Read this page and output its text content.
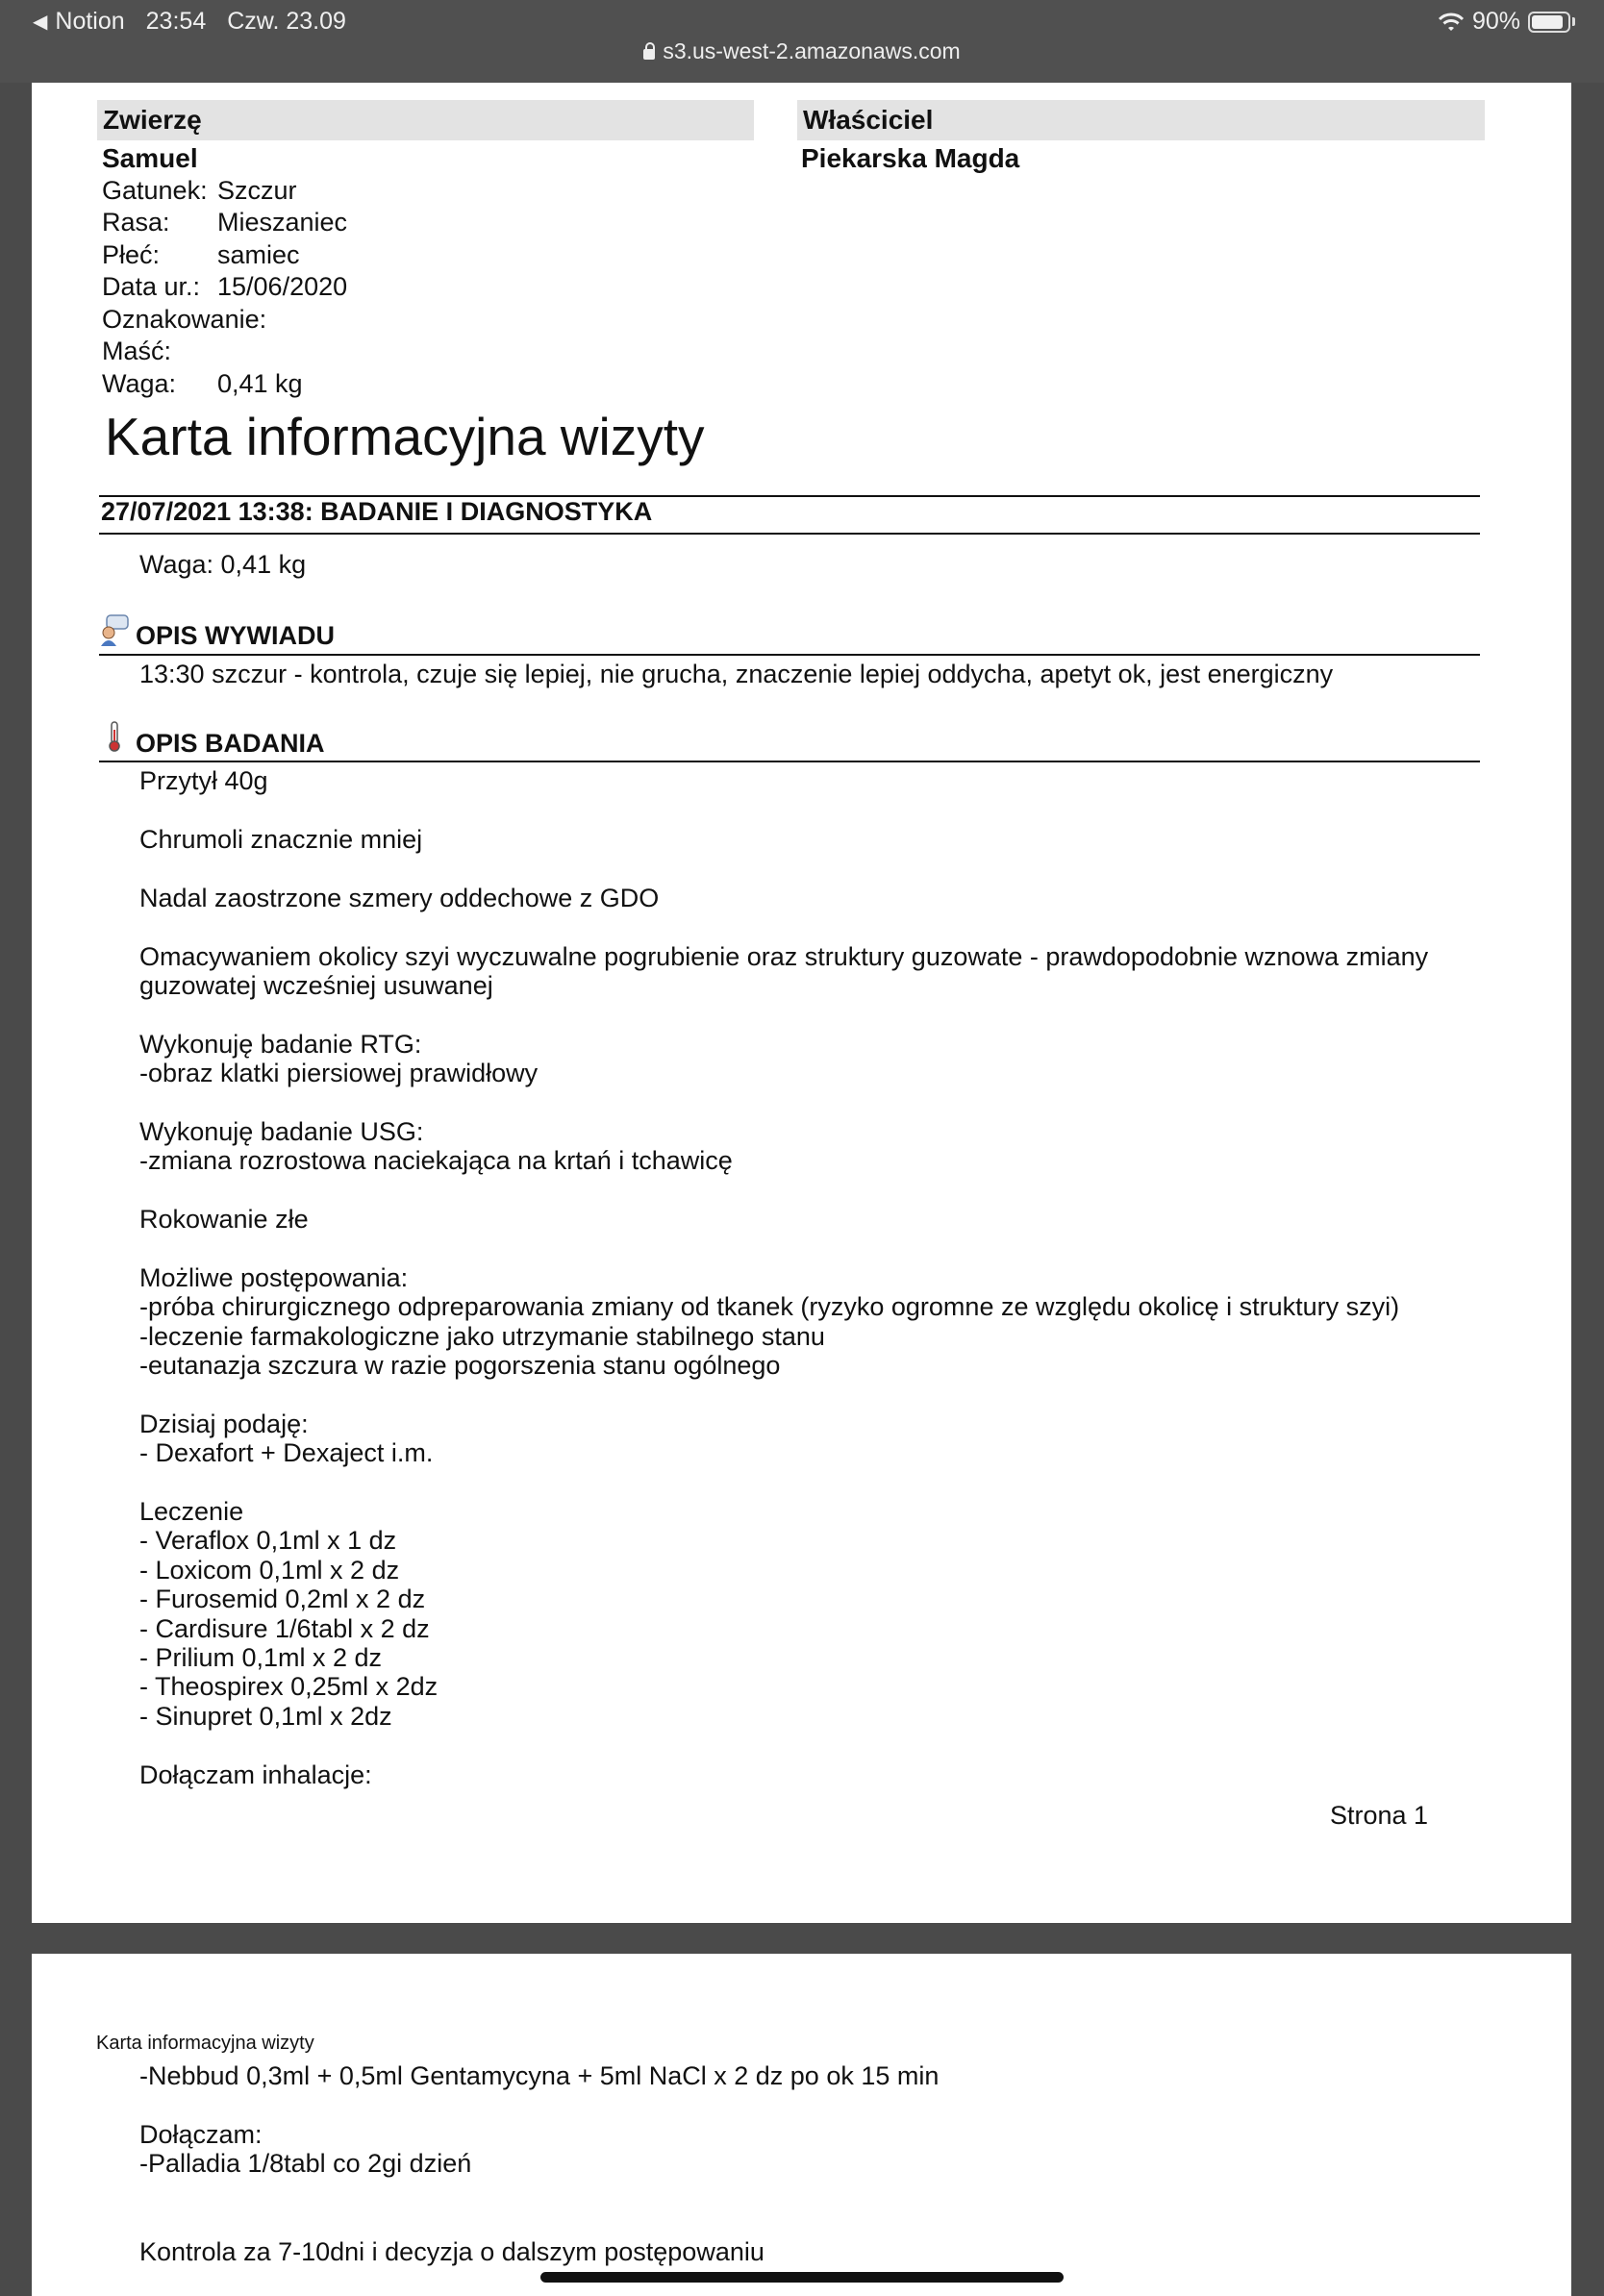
◀ Notion 23:54 Czw. 23.09	90%
s3.us-west-2.amazonaws.com
Zwierzę	Właściciel
Samuel	Piekarska Magda
Gatunek: Szczur
Rasa: Mieszaniec
Płeć: samiec
Data ur.: 15/06/2020
Oznakowanie:
Maść:
Waga: 0,41 kg
Karta informacyjna wizyty
27/07/2021 13:38: BADANIE I DIAGNOSTYKA
Waga: 0,41 kg
OPIS WYWIADU
13:30 szczur - kontrola, czuje się lepiej, nie grucha, znaczenie lepiej oddycha, apetyt ok, jest energiczny
OPIS BADANIA
Przytył 40g
Chrumoli znacznie mniej
Nadal zaostrzone szmery oddechowe z GDO
Omacywaniem okolicy szyi wyczuwalne pogrubienie oraz struktury guzowate - prawdopodobnie wznowa zmiany
guzowatej wcześniej usuwanej
Wykonuję badanie RTG:
-obraz klatki piersiowej prawidłowy
Wykonuję badanie USG:
-zmiana rozrostowa naciekająca na krtań i tchawicę
Rokowanie złe
Możliwe postępowania:
-próba chirurgicznego odpreparowania zmiany od tkanek (ryzyko ogromne ze względu okolicę i struktury szyi)
-leczenie farmakologiczne jako utrzymanie stabilnego stanu
-eutanazja szczura w razie pogorszenia stanu ogólnego
Dzisiaj podaję:
- Dexafort + Dexaject i.m.
Leczenie
- Veraflox 0,1ml x 1 dz
- Loxicom 0,1ml x 2 dz
- Furosemid 0,2ml x 2 dz
- Cardisure 1/6tabl x 2 dz
- Prilium 0,1ml x 2 dz
- Theospirex 0,25ml x 2dz
- Sinupret 0,1ml x 2dz
Dołączam inhalacje:
Strona 1
Karta informacyjna wizyty
-Nebbud 0,3ml + 0,5ml Gentamycyna + 5ml NaCl x 2 dz po ok 15 min
Dołączam:
-Palladia 1/8tabl co 2gi dzień
Kontrola za 7-10dni i decyzja o dalszym postępowaniu
